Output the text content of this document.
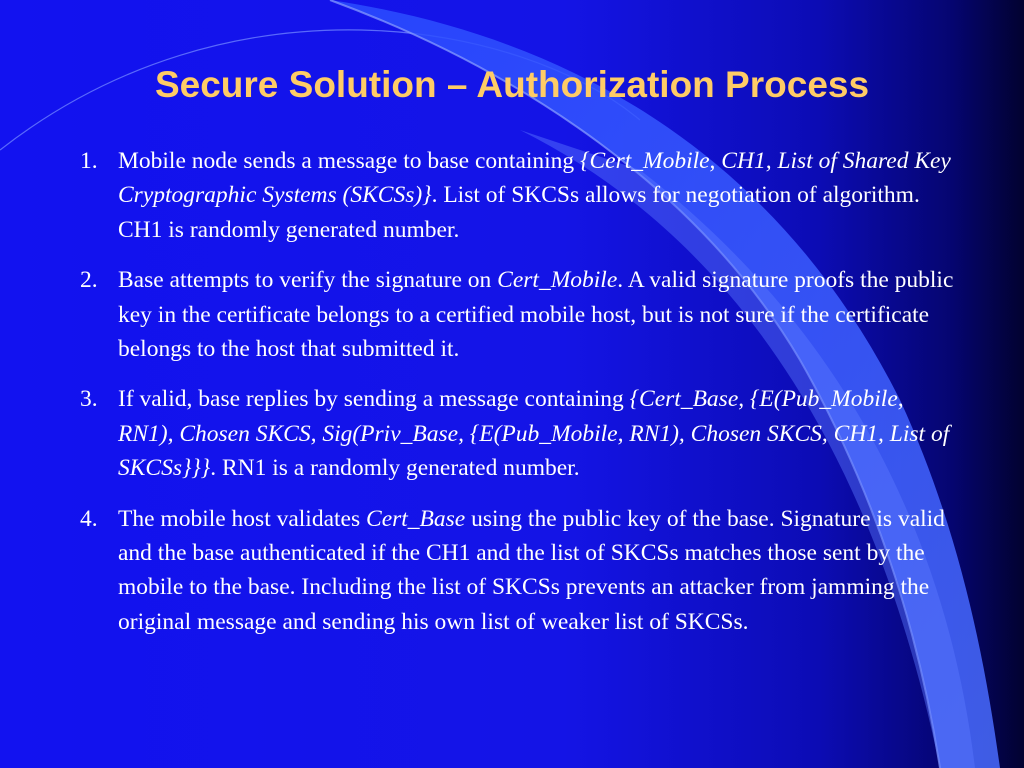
Secure Solution – Authorization Process
1. Mobile node sends a message to base containing {Cert_Mobile, CH1, List of Shared Key Cryptographic Systems (SKCSs)}. List of SKCSs allows for negotiation of algorithm. CH1 is randomly generated number.
2. Base attempts to verify the signature on Cert_Mobile. A valid signature proofs the public key in the certificate belongs to a certified mobile host, but is not sure if the certificate belongs to the host that submitted it.
3. If valid, base replies by sending a message containing {Cert_Base, {E(Pub_Mobile, RN1), Chosen SKCS, Sig(Priv_Base, {E(Pub_Mobile, RN1), Chosen SKCS, CH1, List of SKCSs}}}. RN1 is a randomly generated number.
4. The mobile host validates Cert_Base using the public key of the base. Signature is valid and the base authenticated if the CH1 and the list of SKCSs matches those sent by the mobile to the base. Including the list of SKCSs prevents an attacker from jamming the original message and sending his own list of weaker list of SKCSs.
